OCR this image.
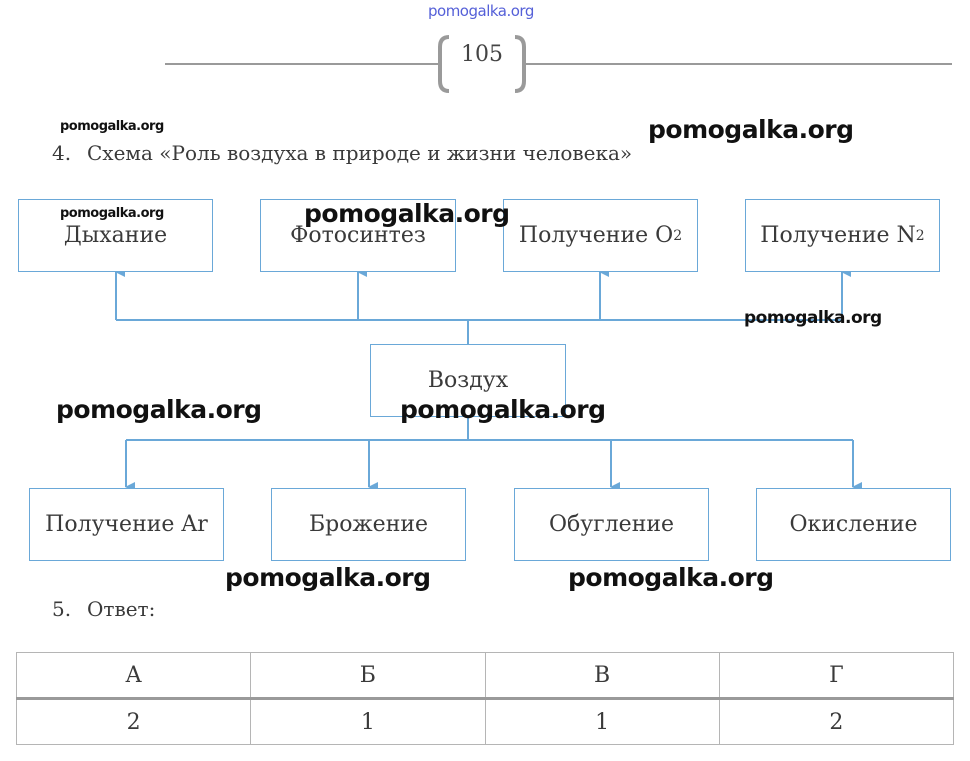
pomogalka.org
105
4. Схема «Роль воздуха в природе и жизни человека»
Дыхание	Фотосинтез	Получение O 2	Получение N 2
Воздух
Получение Ar	Брожение	Обугление	Окисление
5. Ответ:
А	Б	В	Г
2	1	1	2
pomogalka.org	pomogalka.org
pomogalka.org	pomogalka.org
pomogalka.org
pomogalka.org	pomogalka.org
pomogalka.org	pomogalka.org
